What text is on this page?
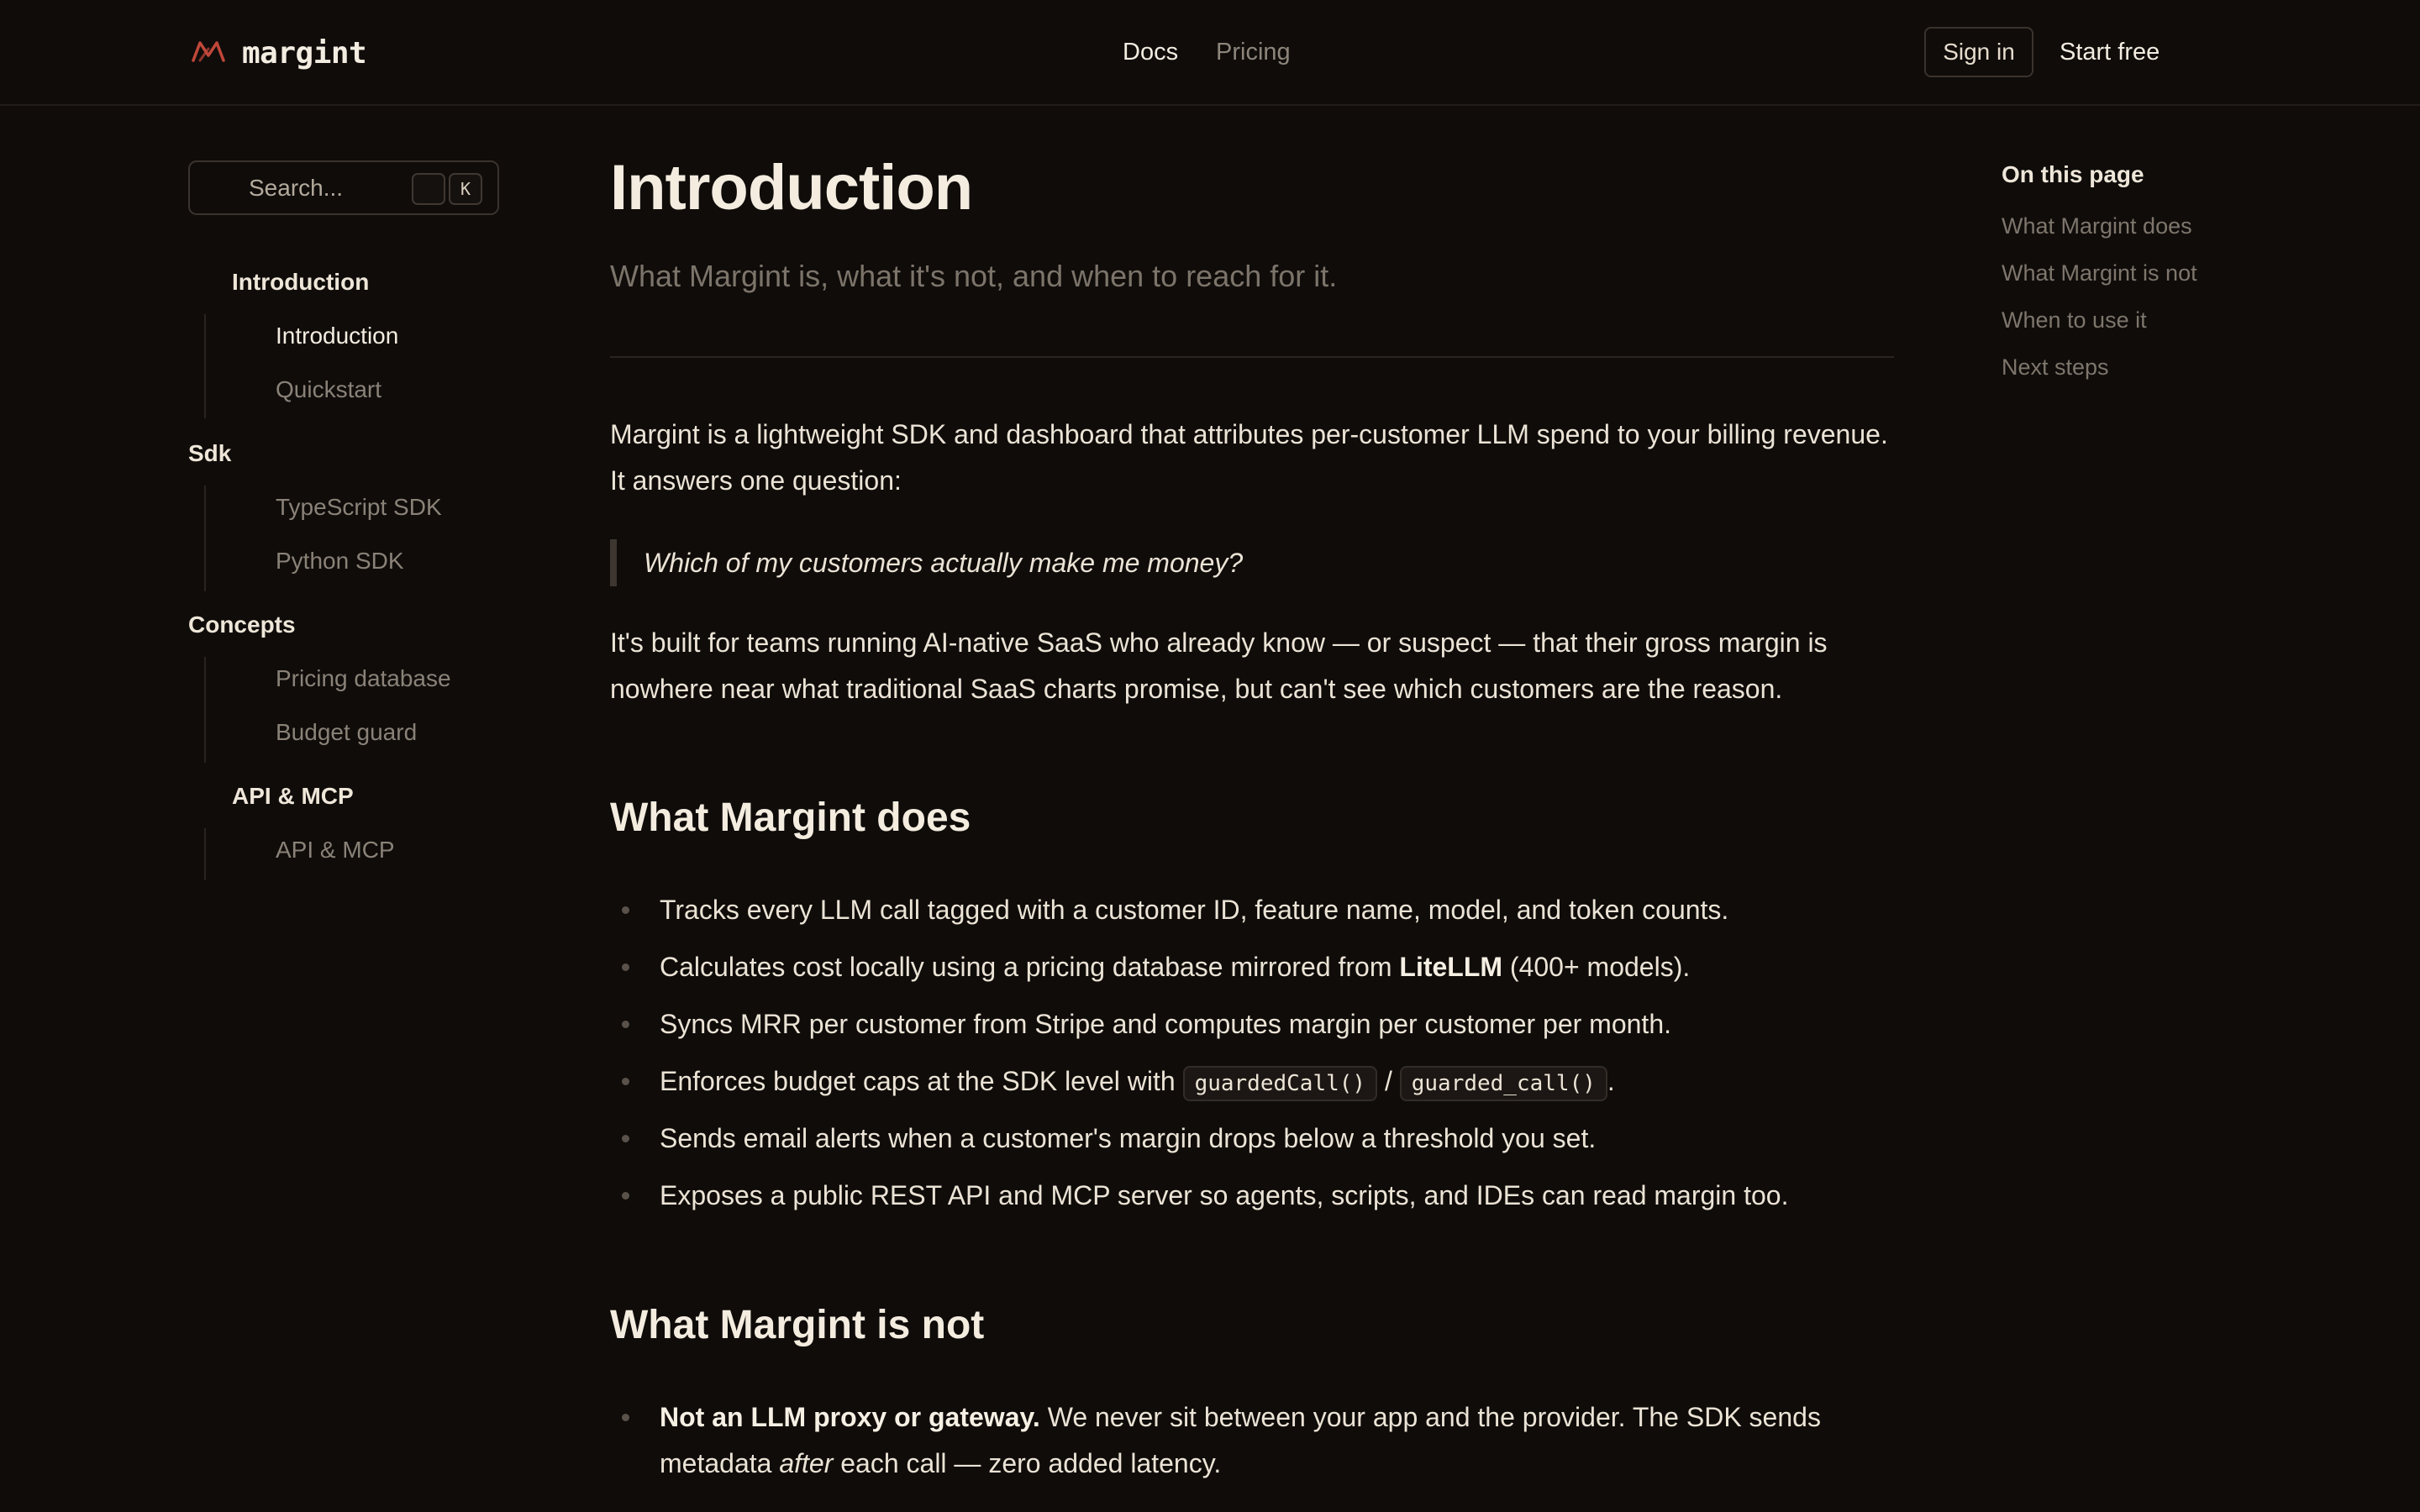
margint	Docs Pricing	Sign in	Start free
Search...	K
Introduction
Introduction
Quickstart
Sdk
TypeScript SDK
Python SDK
Concepts
Pricing database
Budget guard
API & MCP
API & MCP
Introduction
What Margint is, what it's not, and when to reach for it.

Margint is a lightweight SDK and dashboard that attributes per-customer LLM spend to your billing revenue. It answers one question:

Which of my customers actually make me money?

It's built for teams running AI-native SaaS who already know — or suspect — that their gross margin is nowhere near what traditional SaaS charts promise, but can't see which customers are the reason.

What Margint does
Tracks every LLM call tagged with a customer ID, feature name, model, and token counts.
Calculates cost locally using a pricing database mirrored from LiteLLM (400+ models).
Syncs MRR per customer from Stripe and computes margin per customer per month.
Enforces budget caps at the SDK level with guardedCall() / guarded_call() .
Sends email alerts when a customer's margin drops below a threshold you set.
Exposes a public REST API and MCP server so agents, scripts, and IDEs can read margin too.
What Margint is not
Not an LLM proxy or gateway. We never sit between your app and the provider. The SDK sends metadata after each call — zero added latency.
On this page
What Margint does
What Margint is not
When to use it
Next steps
